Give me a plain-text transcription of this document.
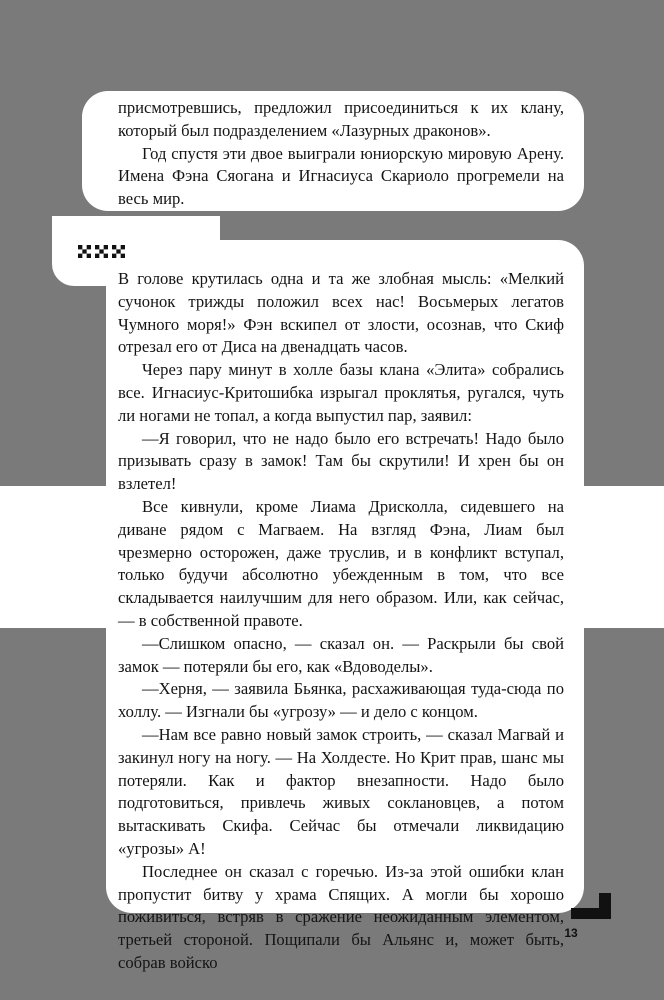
присмотревшись, предложил присоединиться к их клану, который был подразделением «Лазурных драконов».

Год спустя эти двое выиграли юниорскую мировую Арену. Имена Фэна Сяогана и Игнасиуса Скариоло прогремели на весь мир.

В голове крутилась одна и та же злобная мысль: «Мелкий сучонок трижды положил всех нас! Восьмерых легатов Чумного моря!» Фэн вскипел от злости, осознав, что Скиф отрезал его от Диса на двенадцать часов.

Через пару минут в холле базы клана «Элита» собрались все. Игнасиус-Критошибка изрыгал проклятья, ругался, чуть ли ногами не топал, а когда выпустил пар, заявил:

—Я говорил, что не надо было его встречать! Надо было призывать сразу в замок! Там бы скрутили! И хрен бы он взлетел!

Все кивнули, кроме Лиама Дрисколла, сидевшего на диване рядом с Магваем. На взгляд Фэна, Лиам был чрезмерно осторожен, даже труслив, и в конфликт вступал, только будучи абсолютно убежденным в том, что все складывается наилучшим для него образом. Или, как сейчас, — в собственной правоте.

—Слишком опасно, — сказал он. — Раскрыли бы свой замок — потеряли бы его, как «Вдоводелы».

—Херня, — заявила Бьянка, расхаживающая туда-сюда по холлу. — Изгнали бы «угрозу» — и дело с концом.

—Нам все равно новый замок строить, — сказал Магвай и закинул ногу на ногу. — На Холдесте. Но Крит прав, шанс мы потеряли. Как и фактор внезапности. Надо было подготовиться, привлечь живых соклановцев, а потом вытаскивать Скифа. Сейчас бы отмечали ликвидацию «угрозы» А!

Последнее он сказал с горечью. Из-за этой ошибки клан пропустит битву у храма Спящих. А могли бы хорошо поживиться, встряв в сражение неожиданным элементом, третьей стороной. Пощипали бы Альянс и, может быть, собрав войско

13
